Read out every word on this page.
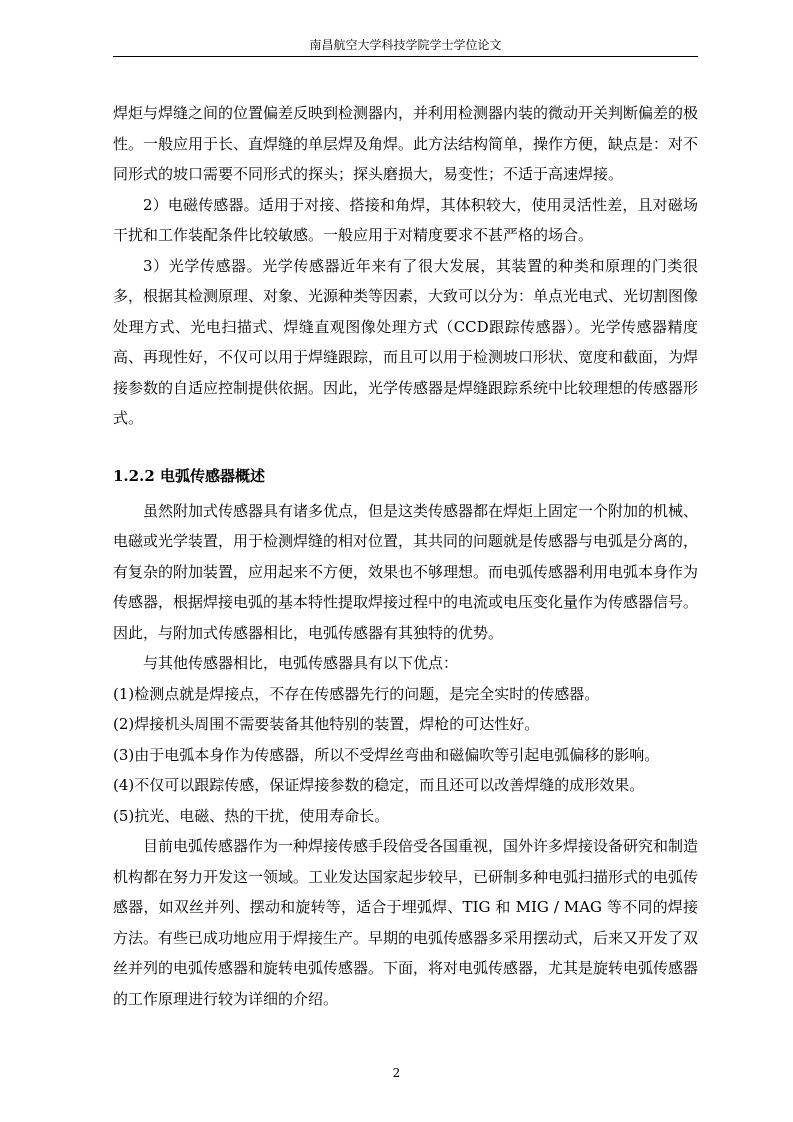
南昌航空大学科技学院学士学位论文

焊炬与焊缝之间的位置偏差反映到检测器内，并利用检测器内装的微动开关判断偏差的极性。一般应用于长、直焊缝的单层焊及角焊。此方法结构简单，操作方便，缺点是：对不同形式的坡口需要不同形式的探头；探头磨损大，易变性；不适于高速焊接。

2）电磁传感器。适用于对接、搭接和角焊，其体积较大，使用灵活性差，且对磁场干扰和工作装配条件比较敏感。一般应用于对精度要求不甚严格的场合。

3）光学传感器。光学传感器近年来有了很大发展，其装置的种类和原理的门类很多，根据其检测原理、对象、光源种类等因素，大致可以分为：单点光电式、光切割图像处理方式、光电扫描式、焊缝直观图像处理方式（CCD跟踪传感器）。光学传感器精度高、再现性好，不仅可以用于焊缝跟踪，而且可以用于检测坡口形状、宽度和截面，为焊接参数的自适应控制提供依据。因此，光学传感器是焊缝跟踪系统中比较理想的传感器形式。

1.2.2 电弧传感器概述

虽然附加式传感器具有诸多优点，但是这类传感器都在焊炬上固定一个附加的机械、电磁或光学装置，用于检测焊缝的相对位置，其共同的问题就是传感器与电弧是分离的，有复杂的附加装置，应用起来不方便，效果也不够理想。而电弧传感器利用电弧本身作为传感器，根据焊接电弧的基本特性提取焊接过程中的电流或电压变化量作为传感器信号。因此，与附加式传感器相比，电弧传感器有其独特的优势。

与其他传感器相比，电弧传感器具有以下优点：

(1)检测点就是焊接点，不存在传感器先行的问题，是完全实时的传感器。

(2)焊接机头周围不需要装备其他特别的装置，焊枪的可达性好。

(3)由于电弧本身作为传感器，所以不受焊丝弯曲和磁偏吹等引起电弧偏移的影响。

(4)不仅可以跟踪传感，保证焊接参数的稳定，而且还可以改善焊缝的成形效果。

(5)抗光、电磁、热的干扰，使用寿命长。

目前电弧传感器作为一种焊接传感手段倍受各国重视，国外许多焊接设备研究和制造机构都在努力开发这一领域。工业发达国家起步较早，已研制多种电弧扫描形式的电弧传感器，如双丝并列、摆动和旋转等，适合于埋弧焊、TIG 和 MIG / MAG 等不同的焊接方法。有些已成功地应用于焊接生产。早期的电弧传感器多采用摆动式，后来又开发了双丝并列的电弧传感器和旋转电弧传感器。下面，将对电弧传感器，尤其是旋转电弧传感器的工作原理进行较为详细的介绍。

2
